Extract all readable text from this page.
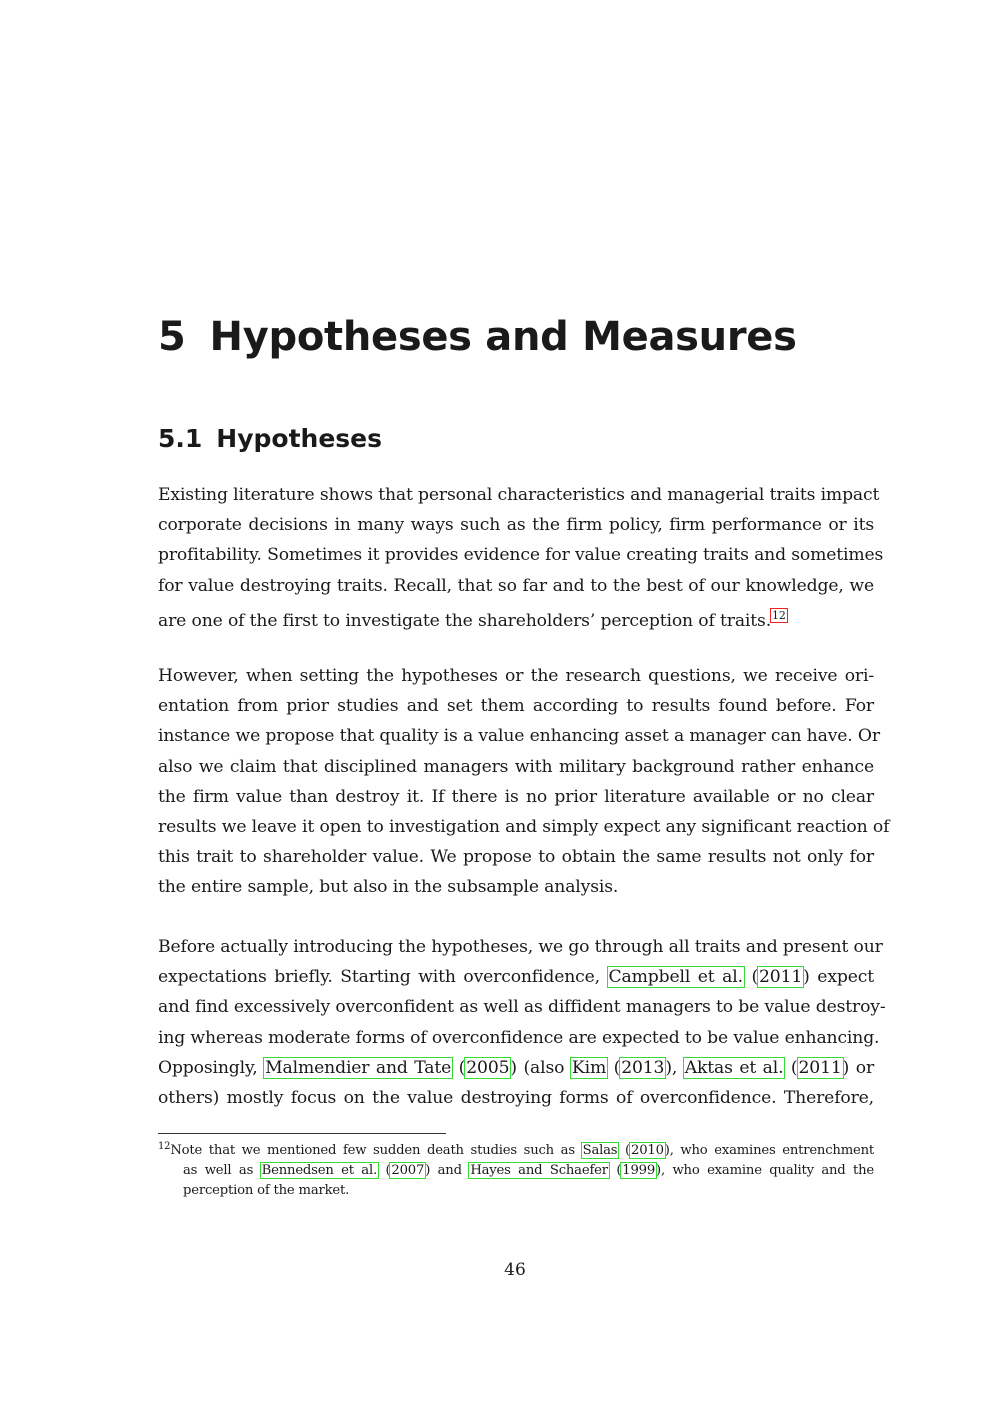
5 Hypotheses and Measures
5.1 Hypotheses
Existing literature shows that personal characteristics and managerial traits impact
corporate decisions in many ways such as the firm policy, firm performance or its
profitability. Sometimes it provides evidence for value creating traits and sometimes
for value destroying traits. Recall, that so far and to the best of our knowledge, we
are one of the first to investigate the shareholders’ perception of traits.$^{12}$
However, when setting the hypotheses or the research questions, we receive ori-
entation from prior studies and set them according to results found before. For
instance we propose that quality is a value enhancing asset a manager can have. Or
also we claim that disciplined managers with military background rather enhance
the firm value than destroy it. If there is no prior literature available or no clear
results we leave it open to investigation and simply expect any significant reaction of
this trait to shareholder value. We propose to obtain the same results not only for
the entire sample, but also in the subsample analysis.
Before actually introducing the hypotheses, we go through all traits and present our
expectations briefly. Starting with overconfidence, Campbell et al. (2011) expect
and find excessively overconfident as well as diffident managers to be value destroy-
ing whereas moderate forms of overconfidence are expected to be value enhancing.
Opposingly, Malmendier and Tate (2005) (also Kim (2013), Aktas et al. (2011) or
others) mostly focus on the value destroying forms of overconfidence. Therefore,
$^{12}$Note that we mentioned few sudden death studies such as Salas (2010), who examines entrenchment
as well as Bennedsen et al. (2007) and Hayes and Schaefer (1999), who examine quality and the
perception of the market.

46
